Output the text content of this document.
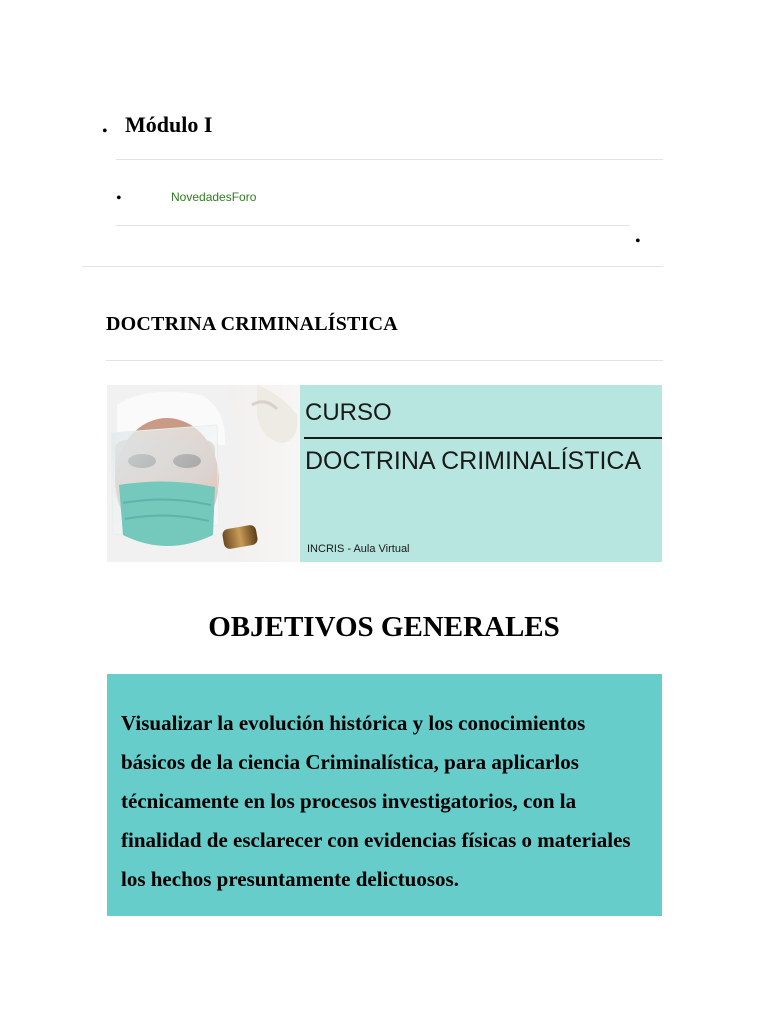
• Módulo I
•	NovedadesForo
•
DOCTRINA CRIMINALÍSTICA
CURSO
DOCTRINA CRIMINALÍSTICA
INCRIS - Aula Virtual
OBJETIVOS GENERALES

Visualizar la evolución histórica y los conocimientos básicos de la ciencia Criminalística, para aplicarlos técnicamente en los procesos investigatorios, con la finalidad de esclarecer con evidencias físicas o materiales los hechos presuntamente delictuosos.
